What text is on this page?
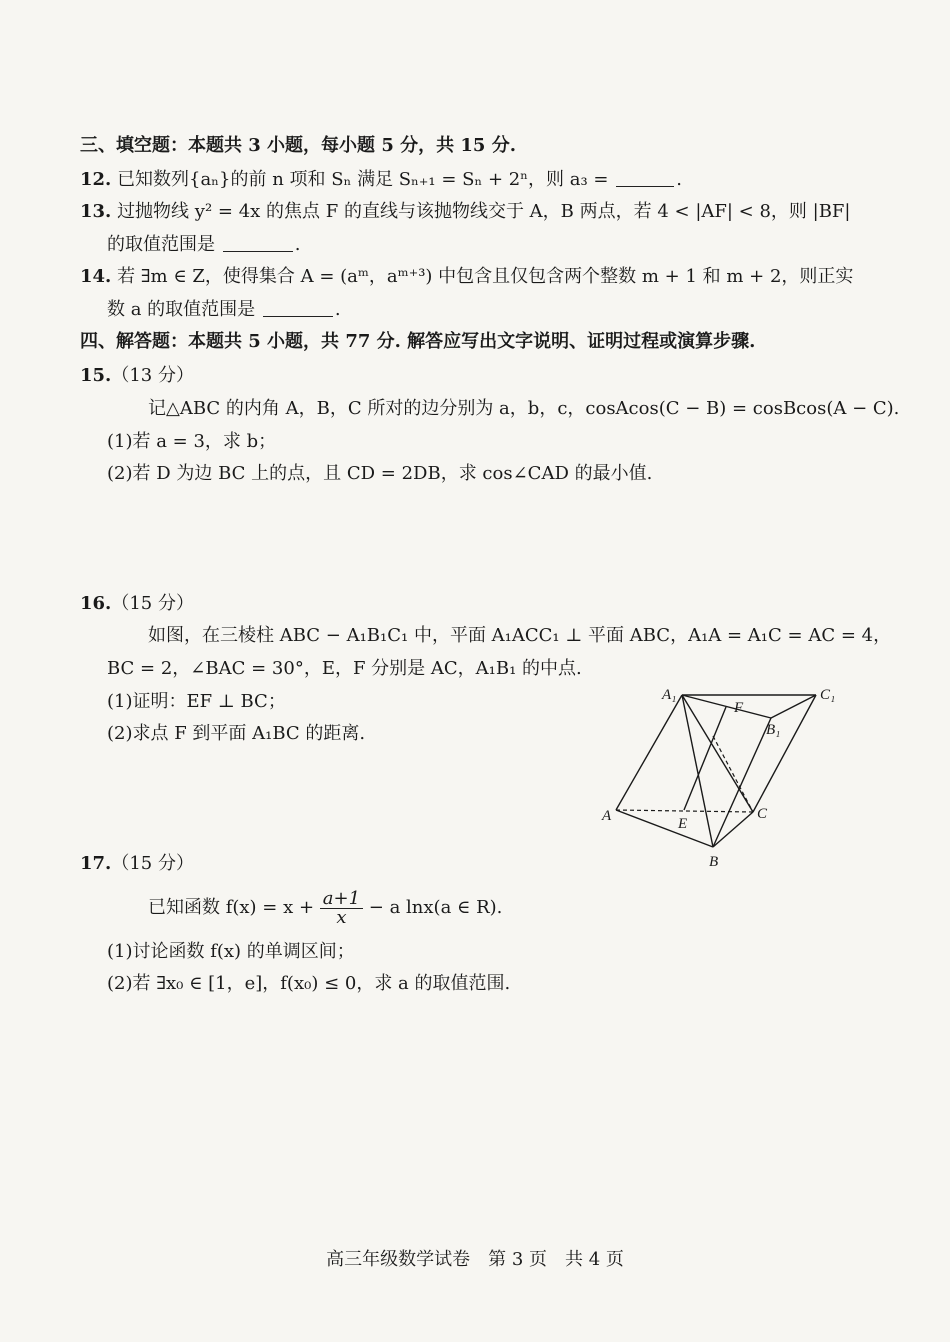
三、填空题：本题共 3 小题，每小题 5 分，共 15 分.
12. 已知数列{aₙ}的前 n 项和 Sₙ 满足 Sₙ₊₁ = Sₙ + 2ⁿ，则 a₃ =	.
13. 过抛物线 y² = 4x 的焦点 F 的直线与该抛物线交于 A，B 两点，若 4 < |AF| < 8，则 |BF|
的取值范围是	.
14. 若 ∃m ∈ Z，使得集合 A = (aᵐ，aᵐ⁺³) 中包含且仅包含两个整数 m + 1 和 m + 2，则正实
数 a 的取值范围是	.
四、解答题：本题共 5 小题，共 77 分. 解答应写出文字说明、证明过程或演算步骤.
15.（13 分）
记△ABC 的内角 A，B，C 所对的边分别为 a，b，c，cosAcos(C − B) = cosBcos(A − C).
(1)若 a = 3，求 b；
(2)若 D 为边 BC 上的点，且 CD = 2DB，求 cos∠CAD 的最小值.
16.（15 分）
如图，在三棱柱 ABC − A₁B₁C₁ 中，平面 A₁ACC₁ ⊥ 平面 ABC，A₁A = A₁C = AC = 4，
BC = 2，∠BAC = 30°，E，F 分别是 AC，A₁B₁ 的中点.
(1)证明：EF ⊥ BC；
(2)求点 F 到平面 A₁BC 的距离.
A₁	C₁
F
B₁
A	E
C
B
17.（15 分）
已知函数 $f(x) = x + \frac{a+1}{x} - a$ lnx(a ∈ R).
(1)讨论函数 f(x) 的单调区间；
(2)若 ∃x₀ ∈ [1，e]，f(x₀) ≤ 0，求 a 的取值范围.
高三年级数学试卷　第 3 页　共 4 页
